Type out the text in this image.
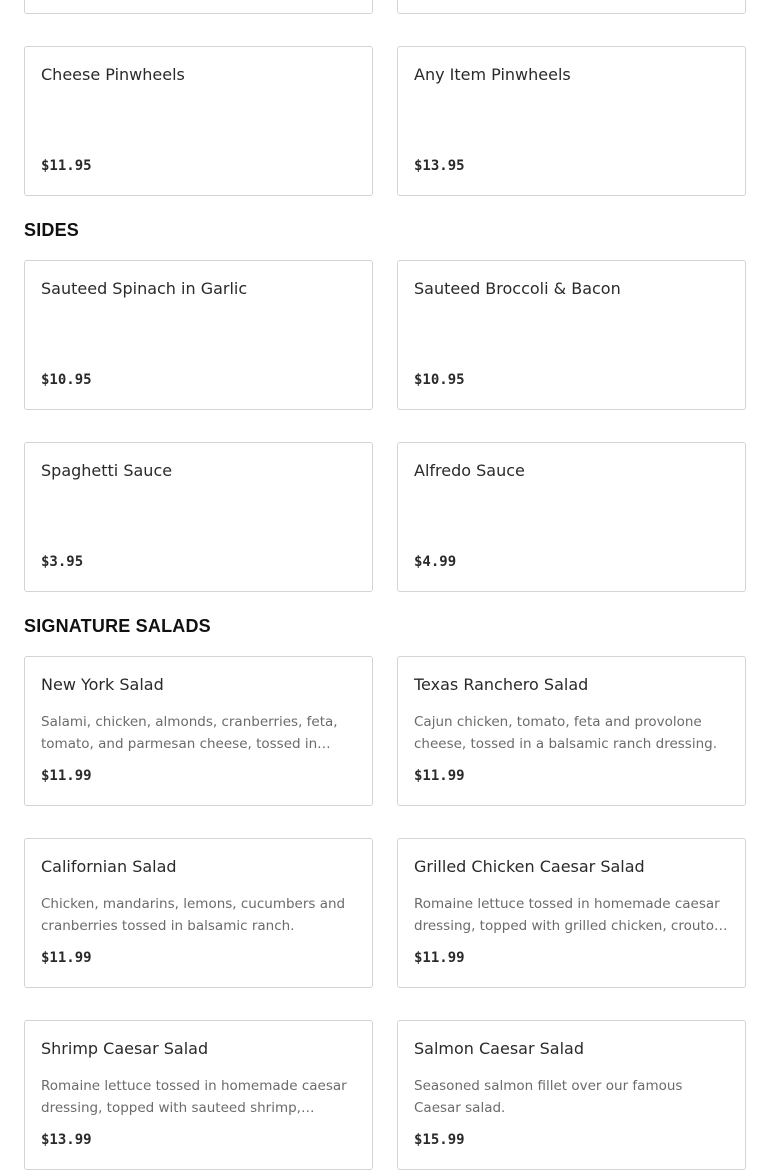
Cheese Pinwheels
$11.95
Any Item Pinwheels
$13.95
SIDES
Sauteed Spinach in Garlic
$10.95
Sauteed Broccoli & Bacon
$10.95
Spaghetti Sauce
$3.95
Alfredo Sauce
$4.99
SIGNATURE SALADS
New York Salad
Salami, chicken, almonds, cranberries, feta, tomato, and parmesan cheese, tossed in
$11.99
Texas Ranchero Salad
Cajun chicken, tomato, feta and provolone cheese, tossed in a balsamic ranch dressing.
$11.99
Californian Salad
Chicken, mandarins, lemons, cucumbers and cranberries tossed in balsamic ranch.
$11.99
Grilled Chicken Caesar Salad
Romaine lettuce tossed in homemade caesar dressing, topped with grilled chicken, croutons
$11.99
Shrimp Caesar Salad
Romaine lettuce tossed in homemade caesar dressing, topped with sauteed shrimp,
$13.99
Salmon Caesar Salad
Seasoned salmon fillet over our famous Caesar salad.
$15.99
